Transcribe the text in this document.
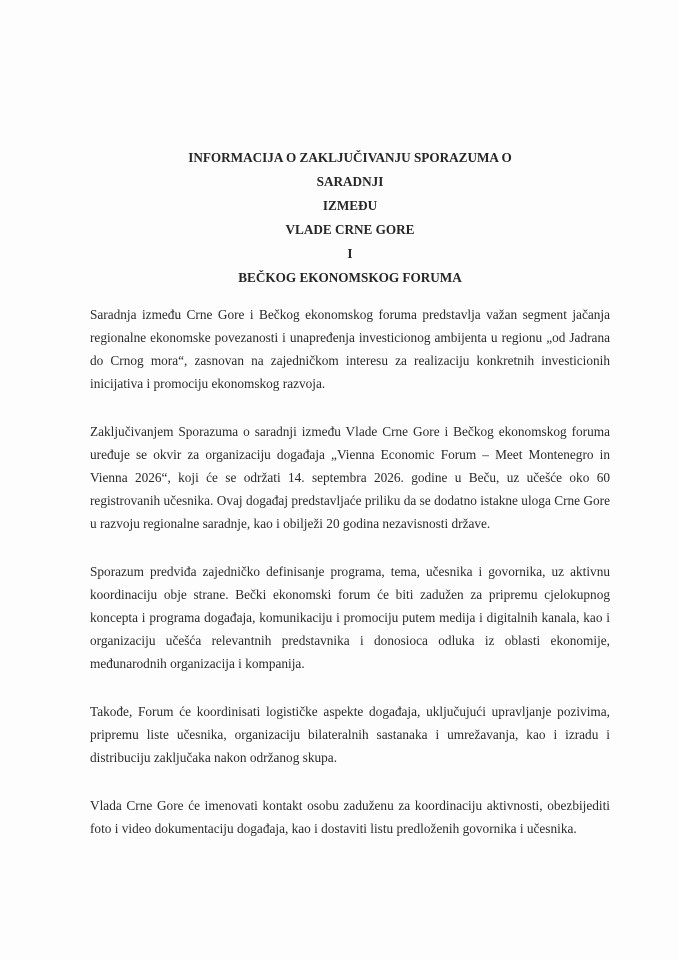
INFORMACIJA O ZAKLJUČIVANJU SPORAZUMA O
SARADNJI
IZMEĐU
VLADE CRNE GORE
I
BEČKOG EKONOMSKOG FORUMA

Saradnja između Crne Gore i Bečkog ekonomskog foruma predstavlja važan segment jačanja regionalne ekonomske povezanosti i unapređenja investicionog ambijenta u regionu „od Jadrana do Crnog mora“, zasnovan na zajedničkom interesu za realizaciju konkretnih investicionih inicijativa i promociju ekonomskog razvoja.

Zaključivanjem Sporazuma o saradnji između Vlade Crne Gore i Bečkog ekonomskog foruma uređuje se okvir za organizaciju događaja „Vienna Economic Forum – Meet Montenegro in Vienna 2026“, koji će se održati 14. septembra 2026. godine u Beču, uz učešće oko 60 registrovanih učesnika. Ovaj događaj predstavljaće priliku da se dodatno istakne uloga Crne Gore u razvoju regionalne saradnje, kao i obilježi 20 godina nezavisnosti države.

Sporazum predviđa zajedničko definisanje programa, tema, učesnika i govornika, uz aktivnu koordinaciju obje strane. Bečki ekonomski forum će biti zadužen za pripremu cjelokupnog koncepta i programa događaja, komunikaciju i promociju putem medija i digitalnih kanala, kao i organizaciju učešća relevantnih predstavnika i donosioca odluka iz oblasti ekonomije, međunarodnih organizacija i kompanija.

Takođe, Forum će koordinisati logističke aspekte događaja, uključujući upravljanje pozivima, pripremu liste učesnika, organizaciju bilateralnih sastanaka i umrežavanja, kao i izradu i distribuciju zaključaka nakon održanog skupa.

Vlada Crne Gore će imenovati kontakt osobu zaduženu za koordinaciju aktivnosti, obezbijediti foto i video dokumentaciju događaja, kao i dostaviti listu predloženih govornika i učesnika.
